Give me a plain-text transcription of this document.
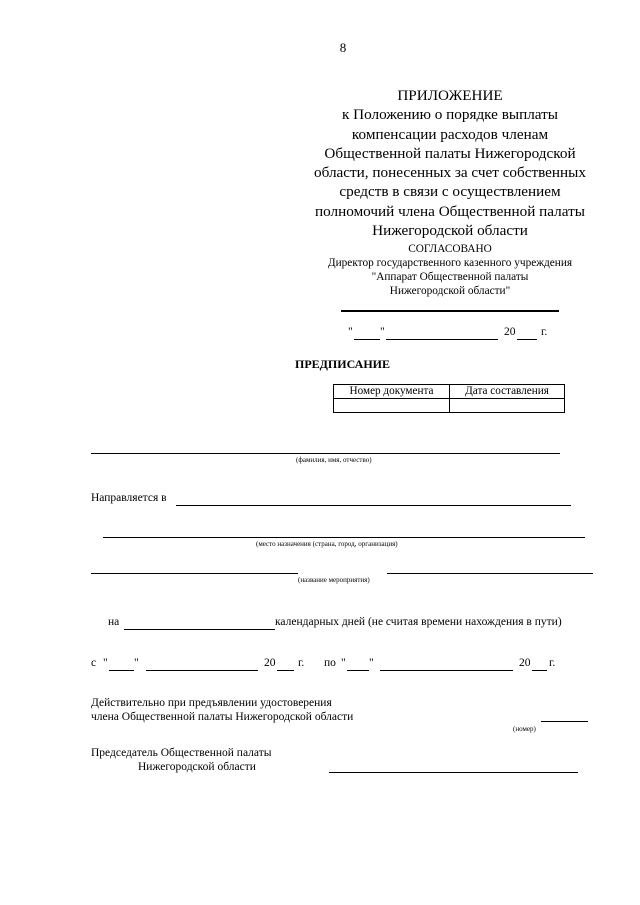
8
ПРИЛОЖЕНИЕ
к Положению о порядке выплаты
компенсации расходов членам
Общественной палаты Нижегородской
области, понесенных за счет собственных
средств в связи с осуществлением
полномочий члена Общественной палаты
Нижегородской области
СОГЛАСОВАНО
Директор государственного казенного учреждения
"Аппарат Общественной палаты
Нижегородской области"
" "	20 г.
ПРЕДПИСАНИЕ
Номер документа	Дата составления

(фамилия, имя, отчество)
Направляется в
(место назначения (страна, город, организация)
(название мероприятия)
на	календарных дней (не считая времени нахождения в пути)
с " "	20 г. по " "	20 г.
Действительно при предъявлении удостоверения
члена Общественной палаты Нижегородской области
(номер)
Председатель Общественной палаты
Нижегородской области
